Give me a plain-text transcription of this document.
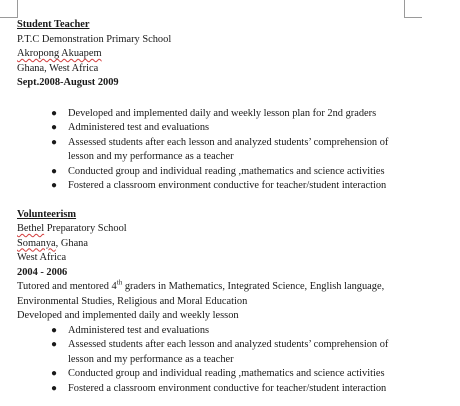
Student Teacher
P.T.C Demonstration Primary School
Akropong Akuapem
Ghana, West Africa
Sept.2008-August 2009
● Developed and implemented daily and weekly lesson plan for 2nd graders
● Administered test and evaluations
● Assessed students after each lesson and analyzed students’ comprehension of lesson and my performance as a teacher
● Conducted group and individual reading ,mathematics and science activities
● Fostered a classroom environment conductive for teacher/student interaction
Volunteerism
Bethel Preparatory School
Somanya, Ghana
West Africa
2004 - 2006
Tutored and mentored 4th graders in Mathematics, Integrated Science, English language, Environmental Studies, Religious and Moral Education
Developed and implemented daily and weekly lesson
● Administered test and evaluations
● Assessed students after each lesson and analyzed students’ comprehension of lesson and my performance as a teacher
● Conducted group and individual reading ,mathematics and science activities
● Fostered a classroom environment conductive for teacher/student interaction
